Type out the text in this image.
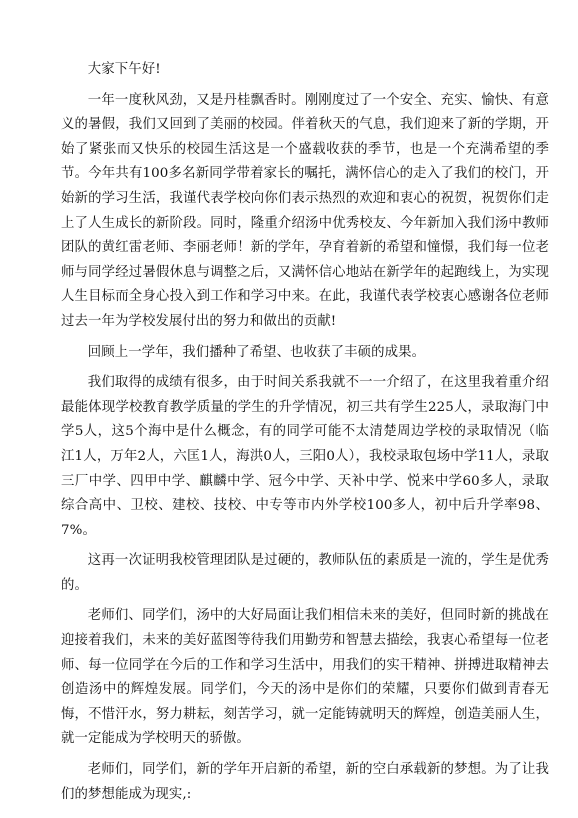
大家下午好!

一年一度秋风劲，又是丹桂飘香时。刚刚度过了一个安全、充实、愉快、有意义的暑假，我们又回到了美丽的校园。伴着秋天的气息，我们迎来了新的学期，开始了紧张而又快乐的校园生活这是一个盛载收获的季节，也是一个充满希望的季节。今年共有100多名新同学带着家长的嘱托，满怀信心的走入了我们的校门，开始新的学习生活，我谨代表学校向你们表示热烈的欢迎和衷心的祝贺，祝贺你们走上了人生成长的新阶段。同时，隆重介绍汤中优秀校友、今年新加入我们汤中教师团队的黄红雷老师、李丽老师！新的学年，孕育着新的希望和憧憬，我们每一位老师与同学经过暑假休息与调整之后，又满怀信心地站在新学年的起跑线上，为实现人生目标而全身心投入到工作和学习中来。在此，我谨代表学校衷心感谢各位老师过去一年为学校发展付出的努力和做出的贡献!

回顾上一学年，我们播种了希望、也收获了丰硕的成果。

我们取得的成绩有很多，由于时间关系我就不一一介绍了，在这里我着重介绍最能体现学校教育教学质量的学生的升学情况，初三共有学生225人，录取海门中学5人，这5个海中是什么概念，有的同学可能不太清楚周边学校的录取情况（临江1人，万年2人，六匡1人，海洪0人，三阳0人），我校录取包场中学11人，录取三厂中学、四甲中学、麒麟中学、冠今中学、天补中学、悦来中学60多人，录取综合高中、卫校、建校、技校、中专等市内外学校100多人，初中后升学率98、7%。

这再一次证明我校管理团队是过硬的，教师队伍的素质是一流的，学生是优秀的。

老师们、同学们，汤中的大好局面让我们相信未来的美好，但同时新的挑战在迎接着我们，未来的美好蓝图等待我们用勤劳和智慧去描绘，我衷心希望每一位老师、每一位同学在今后的工作和学习生活中，用我们的实干精神、拼搏进取精神去创造汤中的辉煌发展。同学们，今天的汤中是你们的荣耀，只要你们做到青春无悔，不惜汗水，努力耕耘，刻苦学习，就一定能铸就明天的辉煌，创造美丽人生，就一定能成为学校明天的骄傲。

老师们，同学们，新的学年开启新的希望，新的空白承载新的梦想。为了让我们的梦想能成为现实,:
